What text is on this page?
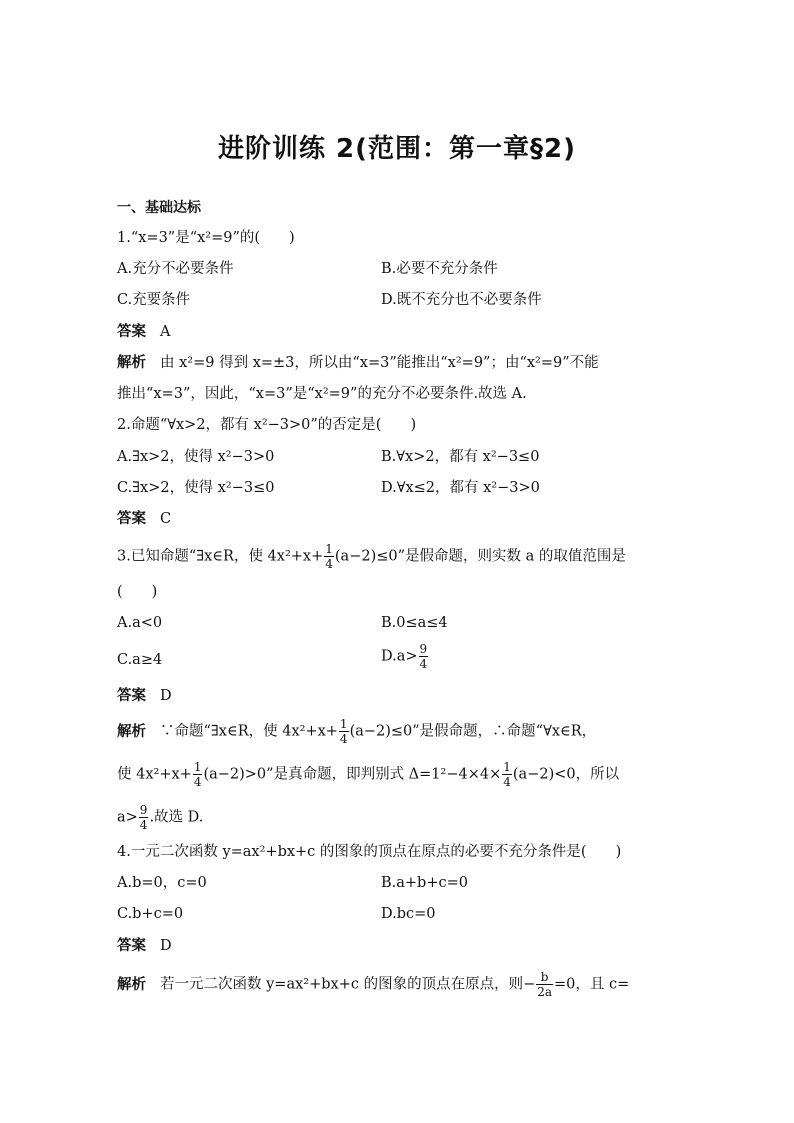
进阶训练 2(范围：第一章§2)
一、基础达标
1.“x=3”是“x²=9”的(　　)
A.充分不必要条件	B.必要不充分条件
C.充要条件	D.既不充分也不必要条件
答案 A
解析 由 x²=9 得到 x=±3，所以由“x=3”能推出“x²=9”；由“x²=9”不能
推出“x=3”，因此，“x=3”是“x²=9”的充分不必要条件.故选 A.
2.命题“∀x>2，都有 x²−3>0”的否定是(　　)
A.∃x>2，使得 x²−3>0	B.∀x>2，都有 x²−3≤0
C.∃x>2，使得 x²−3≤0	D.∀x≤2，都有 x²−3>0
答案 C
3.已知命题“∃x∈R，使 $4x^2+x+ \frac{1}{4} (a-2)\le 0$”是假命题，则实数 a 的取值范围是
(　　)
A.a<0	B.0≤a≤4
C.a≥4	$D.a> \frac{9}{4}$
答案 D
解析 ∵命题“∃x∈R，使 $4x^2+x+ \frac{1}{4} (a-2)\le 0$”是假命题，∴命题“∀x∈R，
使 $4x^2+x+ \frac{1}{4} (a-2)>0$”是真命题，即判别式 $\Delta=1^2-4\times 4\times \frac{1}{4} (a-2)<0$，所以
$a> \frac{9}{4}$ .故选 D.
4.一元二次函数 y=ax²+bx+c 的图象的顶点在原点的必要不充分条件是(　　)
A.b=0，c=0	B.a+b+c=0
C.b+c=0	D.bc=0
答案 D
解析 若一元二次函数 y=ax²+bx+c 的图象的顶点在原点，则− $\frac{b}{2a} =0$，且 c=
